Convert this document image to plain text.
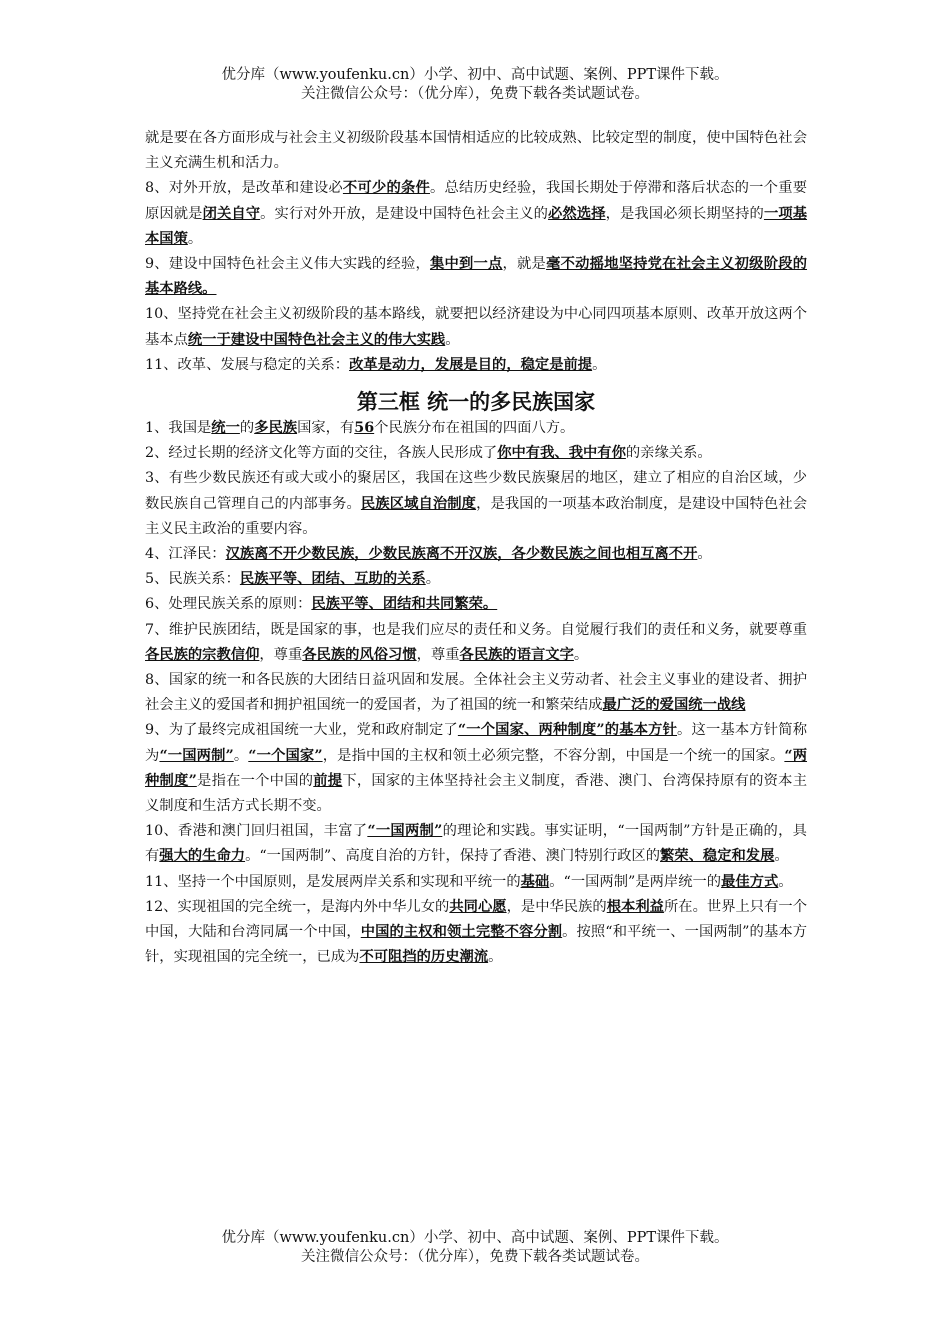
优分库（www.youfenku.cn）小学、初中、高中试题、案例、PPT课件下载。
关注微信公众号：（优分库），免费下载各类试题试卷。

就是要在各方面形成与社会主义初级阶段基本国情相适应的比较成熟、比较定型的制度，使中国特色社会主义充满生机和活力。

8、对外开放，是改革和建设必不可少的条件。总结历史经验，我国长期处于停滞和落后状态的一个重要原因就是闭关自守。实行对外开放，是建设中国特色社会主义的必然选择，是我国必须长期坚持的一项基本国策。

9、建设中国特色社会主义伟大实践的经验，集中到一点，就是毫不动摇地坚持党在社会主义初级阶段的基本路线。

10、坚持党在社会主义初级阶段的基本路线，就要把以经济建设为中心同四项基本原则、改革开放这两个基本点统一于建设中国特色社会主义的伟大实践。

11、改革、发展与稳定的关系：改革是动力，发展是目的，稳定是前提。

第三框 统一的多民族国家

1、我国是统一的多民族国家，有56个民族分布在祖国的四面八方。

2、经过长期的经济文化等方面的交往，各族人民形成了你中有我、我中有你的亲缘关系。

3、有些少数民族还有或大或小的聚居区，我国在这些少数民族聚居的地区，建立了相应的自治区域，少数民族自己管理自己的内部事务。民族区域自治制度，是我国的一项基本政治制度，是建设中国特色社会主义民主政治的重要内容。

4、江泽民：汉族离不开少数民族，少数民族离不开汉族，各少数民族之间也相互离不开。

5、民族关系：民族平等、团结、互助的关系。

6、处理民族关系的原则：民族平等、团结和共同繁荣。

7、维护民族团结，既是国家的事，也是我们应尽的责任和义务。自觉履行我们的责任和义务，就要尊重各民族的宗教信仰，尊重各民族的风俗习惯，尊重各民族的语言文字。

8、国家的统一和各民族的大团结日益巩固和发展。全体社会主义劳动者、社会主义事业的建设者、拥护社会主义的爱国者和拥护祖国统一的爱国者，为了祖国的统一和繁荣结成最广泛的爱国统一战线

9、为了最终完成祖国统一大业，党和政府制定了“一个国家、两种制度”的基本方针。这一基本方针简称为“一国两制”。“一个国家”，是指中国的主权和领土必须完整，不容分割，中国是一个统一的国家。“两种制度”是指在一个中国的前提下，国家的主体坚持社会主义制度，香港、澳门、台湾保持原有的资本主义制度和生活方式长期不变。

10、香港和澳门回归祖国，丰富了“一国两制”的理论和实践。事实证明，“一国两制”方针是正确的，具有强大的生命力。“一国两制”、高度自治的方针，保持了香港、澳门特别行政区的繁荣、稳定和发展。

11、坚持一个中国原则，是发展两岸关系和实现和平统一的基础。“一国两制”是两岸统一的最佳方式。

12、实现祖国的完全统一，是海内外中华儿女的共同心愿，是中华民族的根本利益所在。世界上只有一个中国，大陆和台湾同属一个中国，中国的主权和领土完整不容分割。按照“和平统一、一国两制”的基本方针，实现祖国的完全统一，已成为不可阻挡的历史潮流。

优分库（www.youfenku.cn）小学、初中、高中试题、案例、PPT课件下载。
关注微信公众号：（优分库），免费下载各类试题试卷。
